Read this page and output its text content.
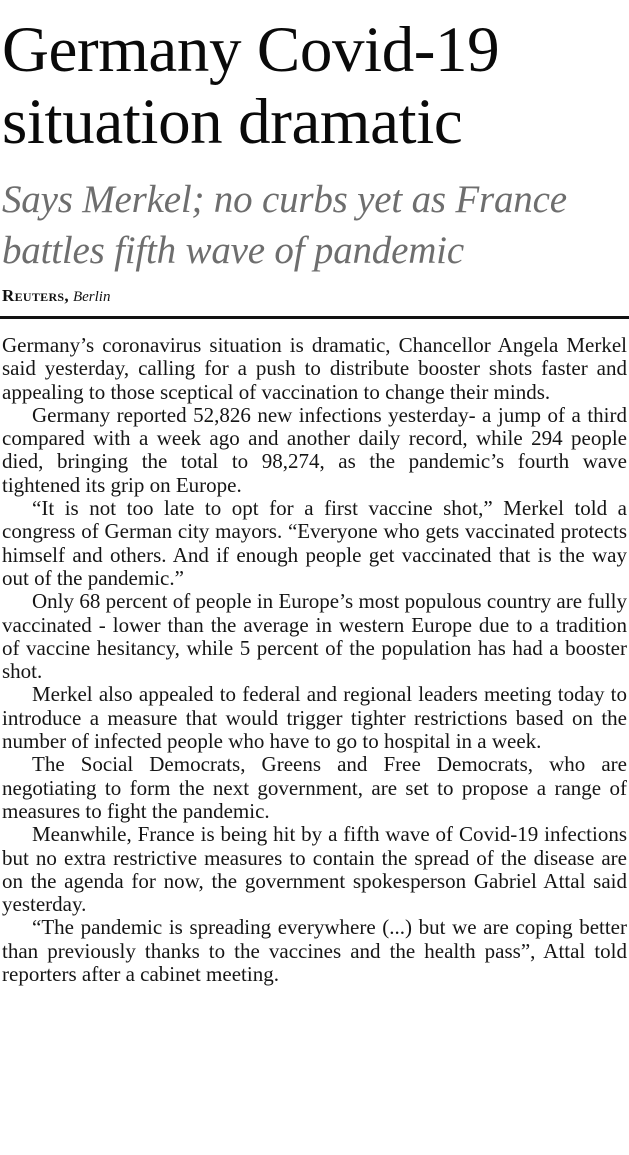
Germany Covid-19 situation dramatic
Says Merkel; no curbs yet as France battles fifth wave of pandemic
Reuters, Berlin

Germany’s coronavirus situation is dramatic, Chancellor Angela Merkel said yesterday, calling for a push to distribute booster shots faster and appealing to those sceptical of vaccination to change their minds.

Germany reported 52,826 new infections yesterday- a jump of a third compared with a week ago and another daily record, while 294 people died, bringing the total to 98,274, as the pandemic’s fourth wave tightened its grip on Europe.

“It is not too late to opt for a first vaccine shot,” Merkel told a congress of German city mayors. “Everyone who gets vaccinated protects himself and others. And if enough people get vaccinated that is the way out of the pandemic.”

Only 68 percent of people in Europe’s most populous country are fully vaccinated - lower than the average in western Europe due to a tradition of vaccine hesitancy, while 5 percent of the population has had a booster shot.

Merkel also appealed to federal and regional leaders meeting today to introduce a measure that would trigger tighter restrictions based on the number of infected people who have to go to hospital in a week.

The Social Democrats, Greens and Free Democrats, who are negotiating to form the next government, are set to propose a range of measures to fight the pandemic.

Meanwhile, France is being hit by a fifth wave of Covid-19 infections but no extra restrictive measures to contain the spread of the disease are on the agenda for now, the government spokesperson Gabriel Attal said yesterday.

“The pandemic is spreading everywhere (...) but we are coping better than previously thanks to the vaccines and the health pass”, Attal told reporters after a cabinet meeting.
